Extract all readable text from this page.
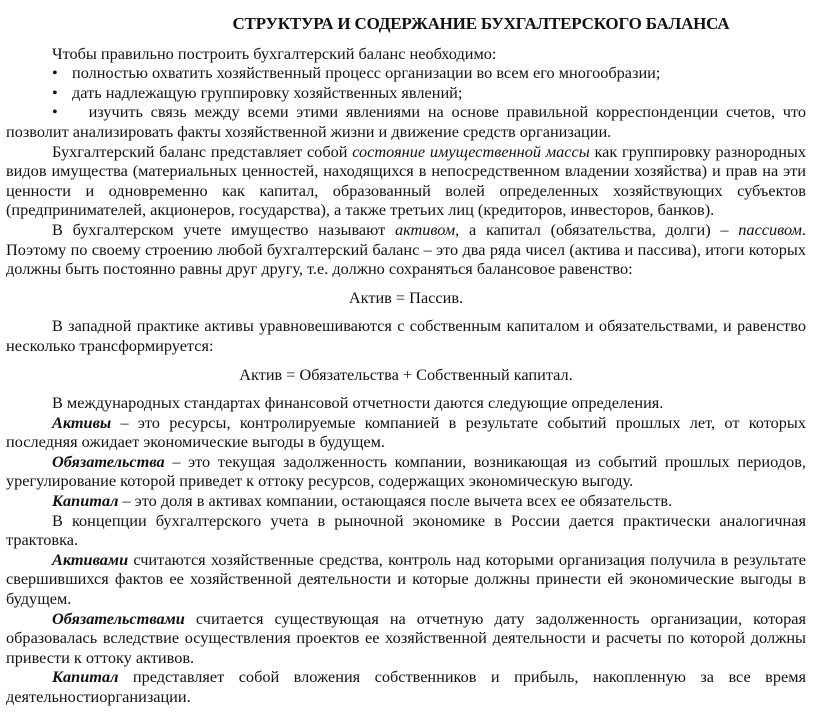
СТРУКТУРА И СОДЕРЖАНИЕ БУХГАЛТЕРСКОГО БАЛАНСА

Чтобы правильно построить бухгалтерский баланс необходимо:

• полностью охватить хозяйственный процесс организации во всем его многообразии;
• дать надлежащую группировку хозяйственных явлений;
• изучить связь между всеми этими явлениями на основе правильной корреспонденции счетов, что позволит анализировать факты хозяйственной жизни и движение средств организации.

Бухгалтерский баланс представляет собой состояние имущественной массы как группировку разнородных видов имущества (материальных ценностей, находящихся в непосредственном владении хозяйства) и прав на эти ценности и одновременно как капитал, образованный волей определенных хозяйствующих субъектов (предпринимателей, акционеров, государства), а также третьих лиц (кредиторов, инвесторов, банков).

В бухгалтерском учете имущество называют активом, а капитал (обязательства, долги) – пассивом. Поэтому по своему строению любой бухгалтерский баланс – это два ряда чисел (актива и пассива), итоги которых должны быть постоянно равны друг другу, т.е. должно сохраняться балансовое равенство:

Актив = Пассив.

В западной практике активы уравновешиваются с собственным капиталом и обязательствами, и равенство несколько трансформируется:

Актив = Обязательства + Собственный капитал.

В международных стандартах финансовой отчетности даются следующие определения.

Активы – это ресурсы, контролируемые компанией в результате событий прошлых лет, от которых последняя ожидает экономические выгоды в будущем.

Обязательства – это текущая задолженность компании, возникающая из событий прошлых периодов, урегулирование которой приведет к оттоку ресурсов, содержащих экономическую выгоду.

Капитал – это доля в активах компании, остающаяся после вычета всех ее обязательств.

В концепции бухгалтерского учета в рыночной экономике в России дается практически аналогичная трактовка.

Активами считаются хозяйственные средства, контроль над которыми организация получила в результате свершившихся фактов ее хозяйственной деятельности и которые должны принести ей экономические выгоды в будущем.

Обязательствами считается существующая на отчетную дату задолженность организации, которая образовалась вследствие осуществления проектов ее хозяйственной деятельности и расчеты по которой должны привести к оттоку активов.

Капитал представляет собой вложения собственников и прибыль, накопленную за все время деятельностиорганизации.
